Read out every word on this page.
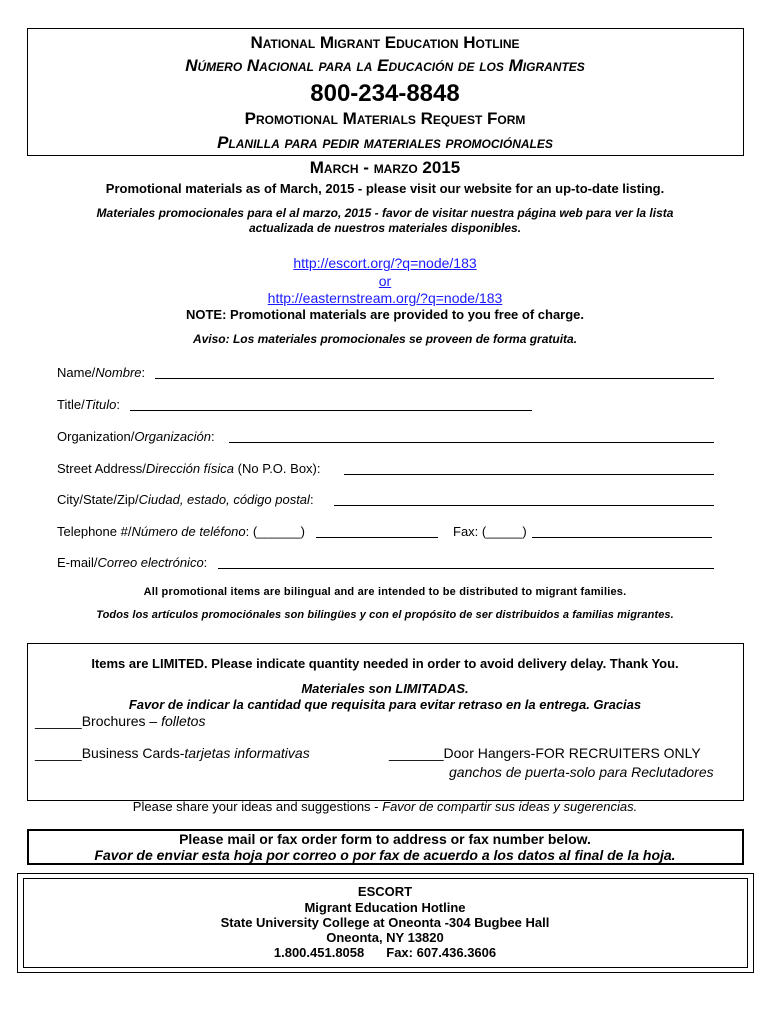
National Migrant Education Hotline
Número Nacional para la Educación de los Migrantes
800-234-8848
Promotional Materials Request Form
Planilla para pedir materiales promociónales
March - marzo 2015
Promotional materials as of March, 2015 - please visit our website for an up-to-date listing.
Materiales promocionales para el al marzo, 2015 - favor de visitar nuestra página web para ver la lista
actualizada de nuestros materiales disponibles.
http://escort.org/?q=node/183
or
http://easternstream.org/?q=node/183
NOTE: Promotional materials are provided to you free of charge.
Aviso: Los materiales promocionales se proveen de forma gratuita.
Name/Nombre:
Title/Titulo:
Organization/Organización:
Street Address/Dirección física (No P.O. Box):
City/State/Zip/Ciudad, estado, código postal:
Telephone #/Número de teléfono: (______)	Fax: (_____)
E-mail/Correo electrónico:
All promotional items are bilingual and are intended to be distributed to migrant families.
Todos los artículos promociónales son bilingües y con el propósito de ser distribuidos a familias migrantes.
Items are LIMITED. Please indicate quantity needed in order to avoid delivery delay. Thank You.
Materiales son LIMITADAS.
Favor de indicar la cantidad que requisita para evitar retraso en la entrega. Gracias
______Brochures – folletos
______Business Cards-tarjetas informativas	_______Door Hangers-FOR RECRUITERS ONLY
ganchos de puerta-solo para Reclutadores
Please share your ideas and suggestions - Favor de compartir sus ideas y sugerencias.
Please mail or fax order form to address or fax number below.
Favor de enviar esta hoja por correo o por fax de acuerdo a los datos al final de la hoja.
ESCORT
Migrant Education Hotline
State University College at Oneonta -304 Bugbee Hall
Oneonta, NY 13820
1.800.451.8058 Fax: 607.436.3606
